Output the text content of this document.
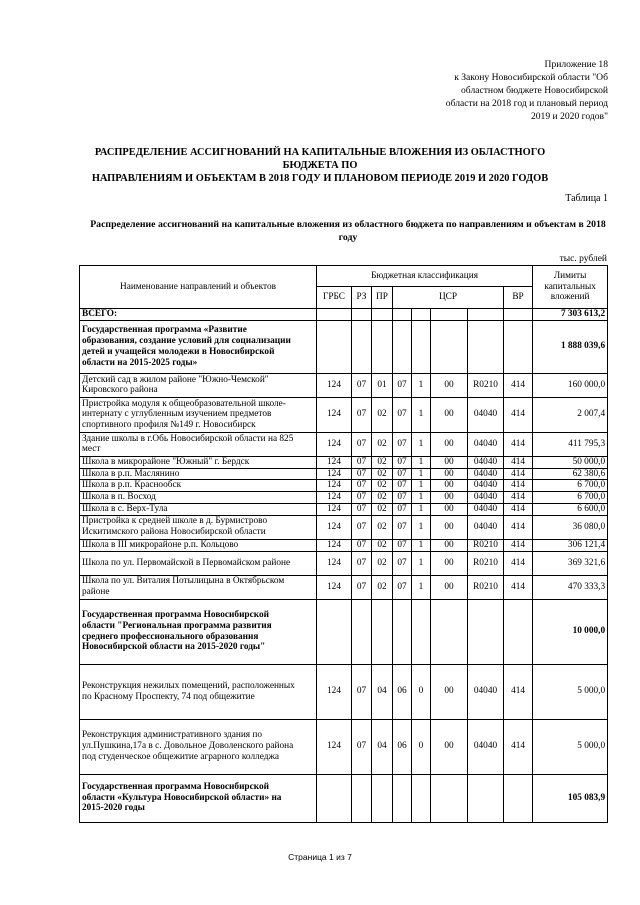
Приложение 18
к Закону Новосибирской области "Об
областном бюджете Новосибирской
области на 2018 год и плановый период
2019 и 2020 годов"
РАСПРЕДЕЛЕНИЕ АССИГНОВАНИЙ НА КАПИТАЛЬНЫЕ ВЛОЖЕНИЯ ИЗ ОБЛАСТНОГО БЮДЖЕТА ПО
НАПРАВЛЕНИЯМ И ОБЪЕКТАМ В 2018 ГОДУ И ПЛАНОВОМ ПЕРИОДЕ 2019 И 2020 ГОДОВ
Таблица 1
Распределение ассигнований на капитальные вложения из областного бюджета по направлениям и объектам в 2018
году
тыс. рублей
Наименование направлений и объектов	Бюджетная классификация								Лимиты
капитальных
вложений

	ГРБС	РЗ	ПР	ЦСР				ВР	

ВСЕГО:									7 303 613,2

Государственная программа «Развитие
образования, создание условий для социализации
детей и учащейся молодежи в Новосибирской
области на 2015-2025 годы»									1 888 039,6

Детский сад в жилом районе "Южно-Чемской"
Кировского района	124	07	01	07	1	00	R0210	414	160 000,0

Пристройка модуля к общеобразовательной школе-
интернату с углубленным изучением предметов
спортивного профиля №149 г. Новосибирск	124	07	02	07	1	00	04040	414	2 007,4

Здание школы в г.Обь Новосибирской области на 825
мест	124	07	02	07	1	00	04040	414	411 795,3

Школа в микрорайоне "Южный" г. Бердск	124	07	02	07	1	00	04040	414	50 000,0

Школа в р.п. Маслянино	124	07	02	07	1	00	04040	414	62 380,6

Школа в р.п. Краснообск	124	07	02	07	1	00	04040	414	6 700,0

Школа в п. Восход	124	07	02	07	1	00	04040	414	6 700,0

Школа в с. Верх-Тула	124	07	02	07	1	00	04040	414	6 600,0

Пристройка к средней школе в д. Бурмистрово
Искитимского района Новосибирской области	124	07	02	07	1	00	04040	414	36 080,0

Школа в III микрорайоне р.п. Кольцово	124	07	02	07	1	00	R0210	414	306 121,4

Школа по ул. Первомайской в Первомайском районе	124	07	02	07	1	00	R0210	414	369 321,6

Школа по ул. Виталия Потылицына в Октябрьском
районе	124	07	02	07	1	00	R0210	414	470 333,3

Государственная программа Новосибирской
области "Региональная программа развития
среднего профессионального образования
Новосибирской области на 2015-2020 годы"									10 000,0

Реконструкция нежилых помещений, расположенных
по Красному Проспекту, 74 под общежитие	124	07	04	06	0	00	04040	414	5 000,0

Реконструкция административного здания по
ул.Пушкина,17а в с. Довольное Доволенского района
под студенческое общежитие аграрного колледжа	124	07	04	06	0	00	04040	414	5 000,0

Государственная программа Новосибирской
области «Культура Новосибирской области» на
2015-2020 годы									105 083,9
Страница 1 из 7
